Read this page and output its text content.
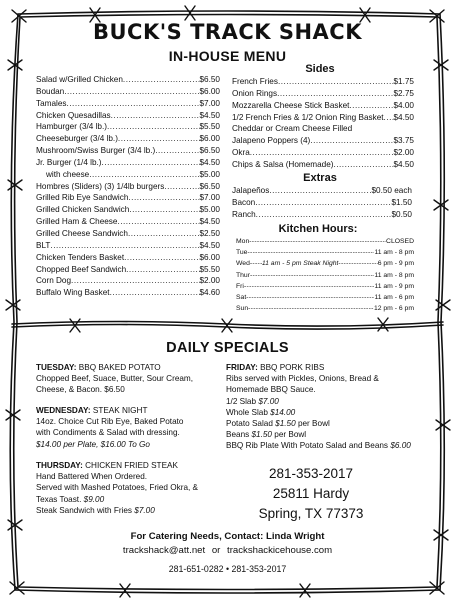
BUCK'S TRACK SHACK
IN-HOUSE MENU
Salad w/Grilled Chicken .....	$6.50
Boudan .....	$6.00
Tamales .....	$7.00
Chicken Quesadillas .....	$4.50
Hamburger (3/4 lb.) .....	$5.50
Cheeseburger (3/4 lb.) .....	$6.00
Mushroom/Swiss Burger (3/4 lb.) .....	$6.50
Jr. Burger (1/4 lb.) .....	$4.50
with cheese .....	$5.00
Hombres (Sliders) (3) 1/4lb burgers .....	$6.50
Grilled Rib Eye Sandwich .....	$7.00
Grilled Chicken Sandwich .....	$5.00
Grilled Ham & Cheese .....	$4.50
Grilled Cheese Sandwich .....	$2.50
BLT .....	$4.50
Chicken Tenders Basket .....	$6.00
Chopped Beef Sandwich .....	$5.50
Corn Dog .....	$2.00
Buffalo Wing Basket .....	$4.60
Sides
French Fries .....	$1.75
Onion Rings .....	$2.75
Mozzarella Cheese Stick Basket .....	$4.00
1/2 French Fries & 1/2 Onion Ring Basket ..... $4.50
Cheddar or Cream Cheese Filled
Jalapeno Poppers (4) .....	$3.75
Okra .....	$2.00
Chips & Salsa (Homemade) .....	$4.50
Extras
Jalapeños .....	$0.50 each
Bacon .....	$1.50
Ranch .....	$0.50
Kitchen Hours:
Mon -----	CLOSED
Tue -----	11 am - 8 pm
Wed ----- 11 am - 5 pm Steak Night -----	6 pm - 9 pm
Thur -----	11 am - 8 pm
Fri -----	11 am - 9 pm
Sat -----	11 am - 6 pm
Sun -----	12 pm - 6 pm
DAILY SPECIALS
TUESDAY: BBQ BAKED POTATO
Chopped Beef, Suace, Butter, Sour Cream,
Cheese, & Bacon. $6.50
WEDNESDAY: STEAK NIGHT
14oz. Choice Cut Rib Eye, Baked Potato
with Condiments & Salad with dressing.
$14.00 per Plate, $16.00 To Go
THURSDAY: CHICKEN FRIED STEAK
Hand Battered When Ordered.
Served with Mashed Potatoes, Fried Okra, &
Texas Toast. $9.00
Steak Sandwich with Fries $7.00
FRIDAY: BBQ PORK RIBS
Ribs served with Pickles, Onions, Bread &
Homemade BBQ Sauce.
1/2 Slab $7.00
Whole Slab $14.00
Potato Salad $1.50 per Bowl
Beans $1.50 per Bowl
BBQ Rib Plate With Potato Salad and Beans $6.00
281-353-2017
25811 Hardy
Spring, TX 77373
For Catering Needs, Contact: Linda Wright
trackshack@att.net or trackshackicehouse.com
281-651-0282 • 281-353-2017
